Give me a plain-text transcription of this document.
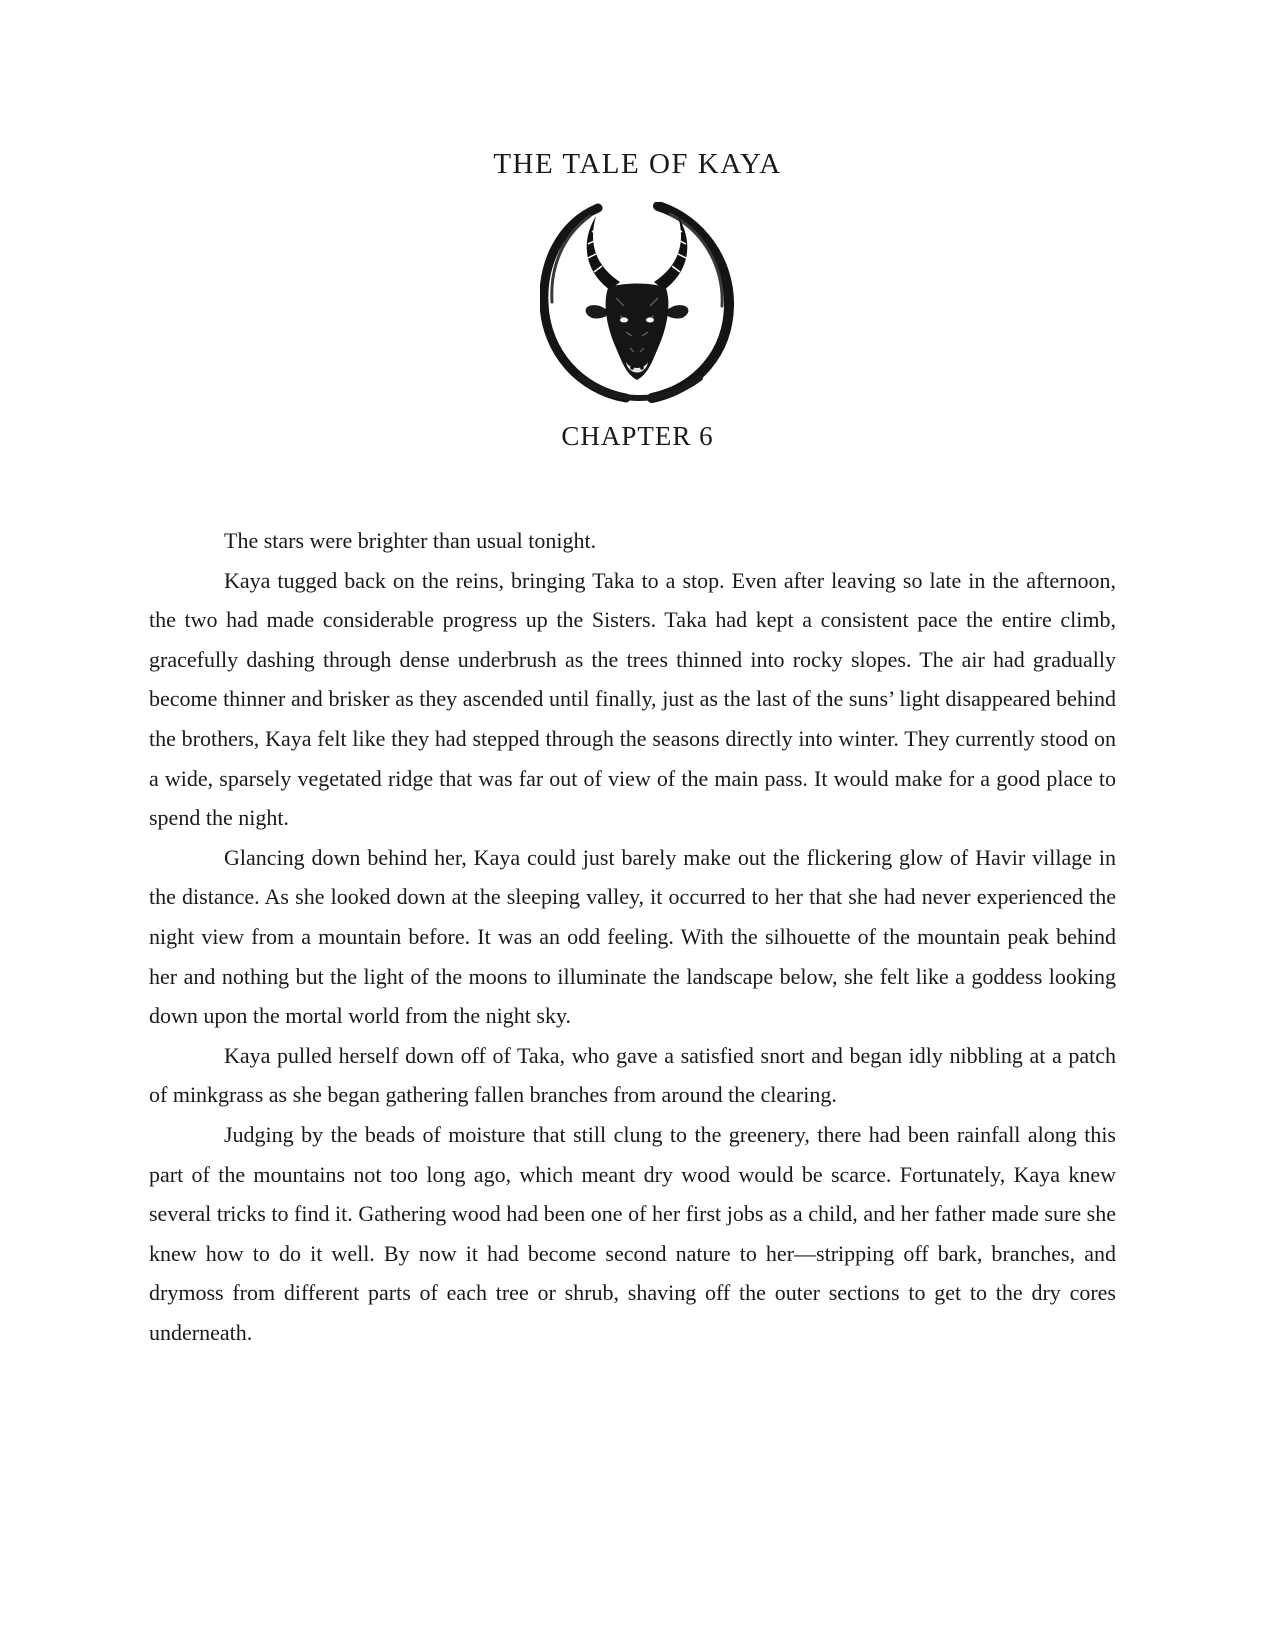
THE TALE OF KAYA
CHAPTER 6

The stars were brighter than usual tonight.

Kaya tugged back on the reins, bringing Taka to a stop. Even after leaving so late in the afternoon, the two had made considerable progress up the Sisters. Taka had kept a consistent pace the entire climb, gracefully dashing through dense underbrush as the trees thinned into rocky slopes. The air had gradually become thinner and brisker as they ascended until finally, just as the last of the suns’ light disappeared behind the brothers, Kaya felt like they had stepped through the seasons directly into winter. They currently stood on a wide, sparsely vegetated ridge that was far out of view of the main pass. It would make for a good place to spend the night.

Glancing down behind her, Kaya could just barely make out the flickering glow of Havir village in the distance. As she looked down at the sleeping valley, it occurred to her that she had never experienced the night view from a mountain before. It was an odd feeling. With the silhouette of the mountain peak behind her and nothing but the light of the moons to illuminate the landscape below, she felt like a goddess looking down upon the mortal world from the night sky.

Kaya pulled herself down off of Taka, who gave a satisfied snort and began idly nibbling at a patch of minkgrass as she began gathering fallen branches from around the clearing.

Judging by the beads of moisture that still clung to the greenery, there had been rainfall along this part of the mountains not too long ago, which meant dry wood would be scarce. Fortunately, Kaya knew several tricks to find it. Gathering wood had been one of her first jobs as a child, and her father made sure she knew how to do it well. By now it had become second nature to her—stripping off bark, branches, and drymoss from different parts of each tree or shrub, shaving off the outer sections to get to the dry cores underneath.
